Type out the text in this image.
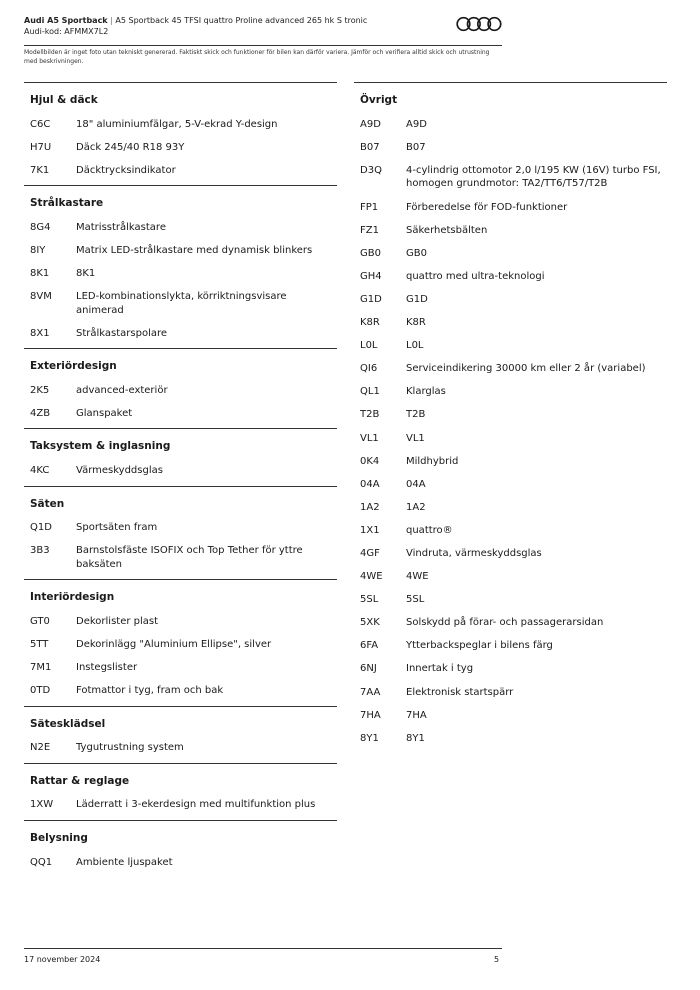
Audi A5 Sportback | A5 Sportback 45 TFSI quattro Proline advanced 265 hk S tronic
Audi-kod: AFMMX7L2
Modellbilden är inget foto utan tekniskt genererad. Faktiskt skick och funktioner för bilen kan därför variera. Jämför och verifiera alltid skick och utrustning med beskrivningen.
Hjul & däck
C6C	18" aluminiumfälgar, 5-V-ekrad Y-design
H7U	Däck 245/40 R18 93Y
7K1	Däcktrycksindikator
Strålkastare
8G4	Matrisstrålkastare
8IY	Matrix LED-strålkastare med dynamisk blinkers
8K1	8K1
8VM	LED-kombinationslykta, körriktningsvisare animerad
8X1	Strålkastarspolare
Exteriördesign
2K5	advanced-exteriör
4ZB	Glanspaket
Taksystem & inglasning
4KC	Värmeskyddsglas
Säten
Q1D	Sportsäten fram
3B3	Barnstolsfäste ISOFIX och Top Tether för yttre baksäten
Interiördesign
GT0	Dekorlister plast
5TT	Dekorinlägg "Aluminium Ellipse", silver
7M1	Instegslister
0TD	Fotmattor i tyg, fram och bak
Sätesklädsel
N2E	Tygutrustning system
Rattar & reglage
1XW	Läderratt i 3-ekerdesign med multifunktion plus
Belysning
QQ1	Ambiente ljuspaket
Övrigt
A9D	A9D
B07	B07
D3Q	4-cylindrig ottomotor 2,0 l/195 KW (16V) turbo FSI, homogen grundmotor: TA2/TT6/T57/T2B
FP1	Förberedelse för FOD-funktioner
FZ1	Säkerhetsbälten
GB0	GB0
GH4	quattro med ultra-teknologi
G1D	G1D
K8R	K8R
L0L	L0L
QI6	Serviceindikering 30000 km eller 2 år (variabel)
QL1	Klarglas
T2B	T2B
VL1	VL1
0K4	Mildhybrid
04A	04A
1A2	1A2
1X1	quattro®
4GF	Vindruta, värmeskyddsglas
4WE	4WE
5SL	5SL
5XK	Solskydd på förar- och passagerarsidan
6FA	Ytterbackspeglar i bilens färg
6NJ	Innertak i tyg
7AA	Elektronisk startspärr
7HA	7HA
8Y1	8Y1
17 november 2024	5
